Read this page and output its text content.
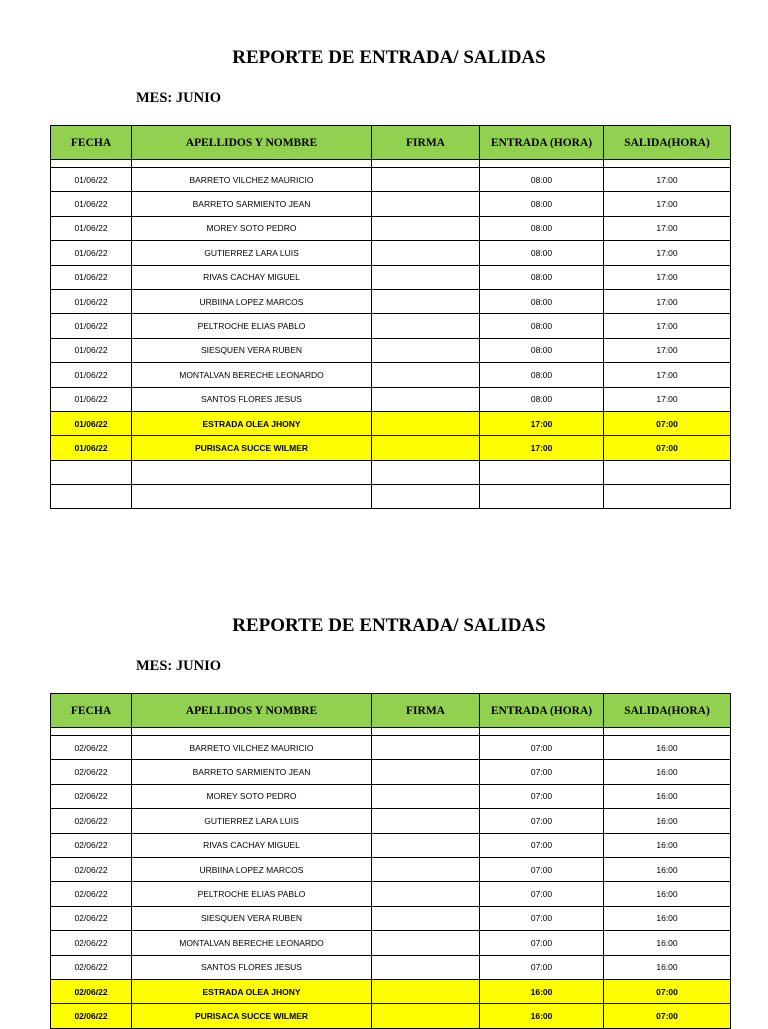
REPORTE DE ENTRADA/ SALIDAS
MES: JUNIO
FECHA	APELLIDOS Y NOMBRE	FIRMA	ENTRADA (HORA)	SALIDA(HORA)

01/06/22	BARRETO VILCHEZ MAURICIO		08:00	17:00
01/06/22	BARRETO SARMIENTO JEAN		08:00	17:00
01/06/22	MOREY SOTO PEDRO		08:00	17:00
01/06/22	GUTIERREZ LARA LUIS		08:00	17:00
01/06/22	RIVAS CACHAY MIGUEL		08:00	17:00
01/06/22	URBIINA LOPEZ MARCOS		08:00	17:00
01/06/22	PELTROCHE ELIAS PABLO		08:00	17:00
01/06/22	SIESQUEN VERA RUBEN		08:00	17:00
01/06/22	MONTALVAN BERECHE LEONARDO		08:00	17:00
01/06/22	SANTOS FLORES JESUS		08:00	17:00
01/06/22	ESTRADA OLEA JHONY		17:00	07:00
01/06/22	PURISACA SUCCE WILMER		17:00	07:00

REPORTE DE ENTRADA/ SALIDAS
MES: JUNIO
FECHA	APELLIDOS Y NOMBRE	FIRMA	ENTRADA (HORA)	SALIDA(HORA)

02/06/22	BARRETO VILCHEZ MAURICIO		07:00	16:00
02/06/22	BARRETO SARMIENTO JEAN		07:00	16:00
02/06/22	MOREY SOTO PEDRO		07:00	16:00
02/06/22	GUTIERREZ LARA LUIS		07:00	16:00
02/06/22	RIVAS CACHAY MIGUEL		07:00	16:00
02/06/22	URBIINA LOPEZ MARCOS		07:00	16:00
02/06/22	PELTROCHE ELIAS PABLO		07:00	16:00
02/06/22	SIESQUEN VERA RUBEN		07:00	16:00
02/06/22	MONTALVAN BERECHE LEONARDO		07:00	16:00
02/06/22	SANTOS FLORES JESUS		07:00	16:00
02/06/22	ESTRADA OLEA JHONY		16:00	07:00
02/06/22	PURISACA SUCCE WILMER		16:00	07:00
